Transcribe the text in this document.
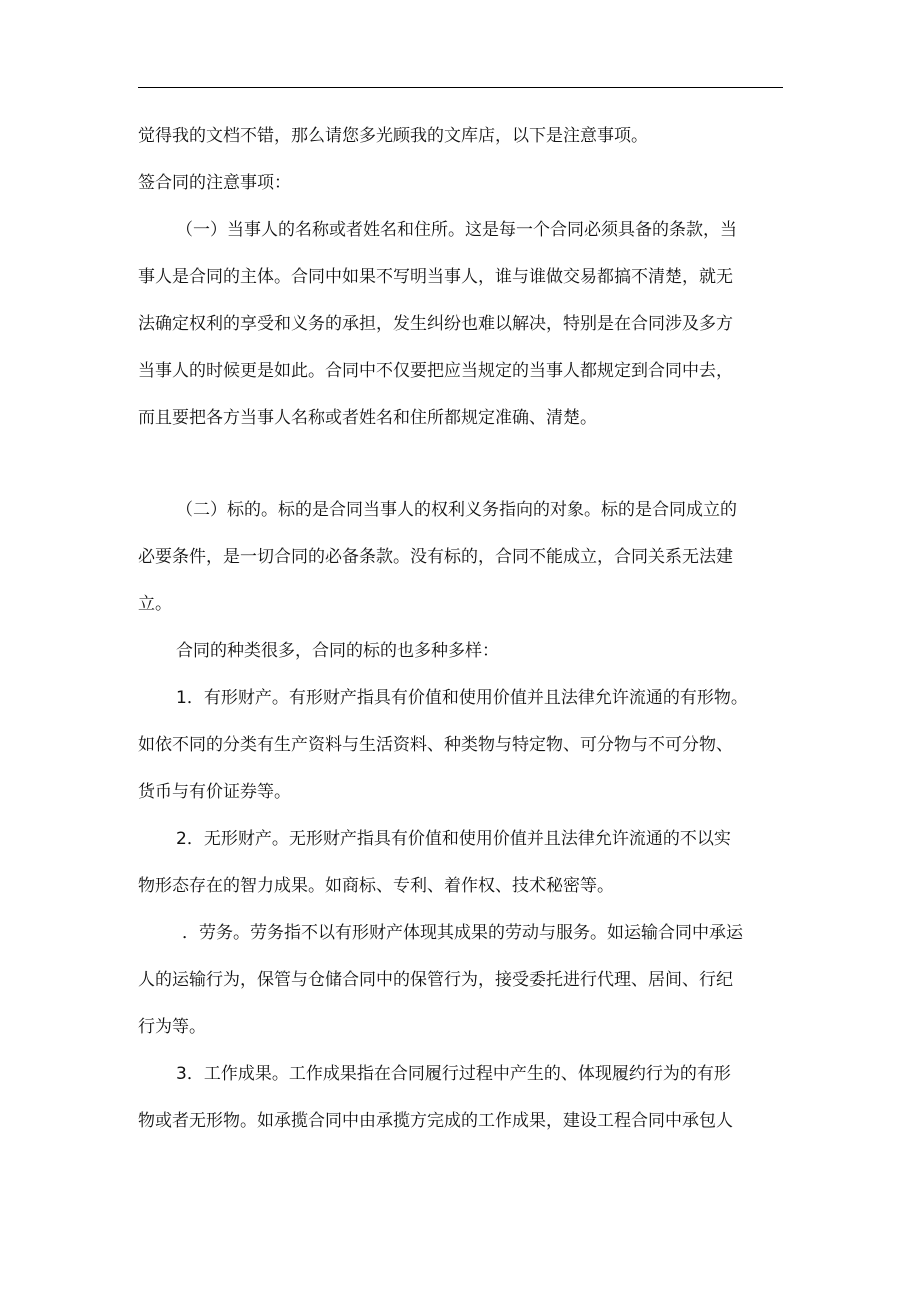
觉得我的文档不错，那么请您多光顾我的文库店，以下是注意事项。
签合同的注意事项：
（一）当事人的名称或者姓名和住所。这是每一个合同必须具备的条款，当
事人是合同的主体。合同中如果不写明当事人，谁与谁做交易都搞不清楚，就无
法确定权利的享受和义务的承担，发生纠纷也难以解决，特别是在合同涉及多方
当事人的时候更是如此。合同中不仅要把应当规定的当事人都规定到合同中去，
而且要把各方当事人名称或者姓名和住所都规定准确、清楚。
（二）标的。标的是合同当事人的权利义务指向的对象。标的是合同成立的
必要条件，是一切合同的必备条款。没有标的，合同不能成立，合同关系无法建
立。
合同的种类很多，合同的标的也多种多样：
1．有形财产。有形财产指具有价值和使用价值并且法律允许流通的有形物。
如依不同的分类有生产资料与生活资料、种类物与特定物、可分物与不可分物、
货币与有价证券等。
2．无形财产。无形财产指具有价值和使用价值并且法律允许流通的不以实
物形态存在的智力成果。如商标、专利、着作权、技术秘密等。
．劳务。劳务指不以有形财产体现其成果的劳动与服务。如运输合同中承运
人的运输行为，保管与仓储合同中的保管行为，接受委托进行代理、居间、行纪
行为等。
3．工作成果。工作成果指在合同履行过程中产生的、体现履约行为的有形
物或者无形物。如承揽合同中由承揽方完成的工作成果，建设工程合同中承包人
